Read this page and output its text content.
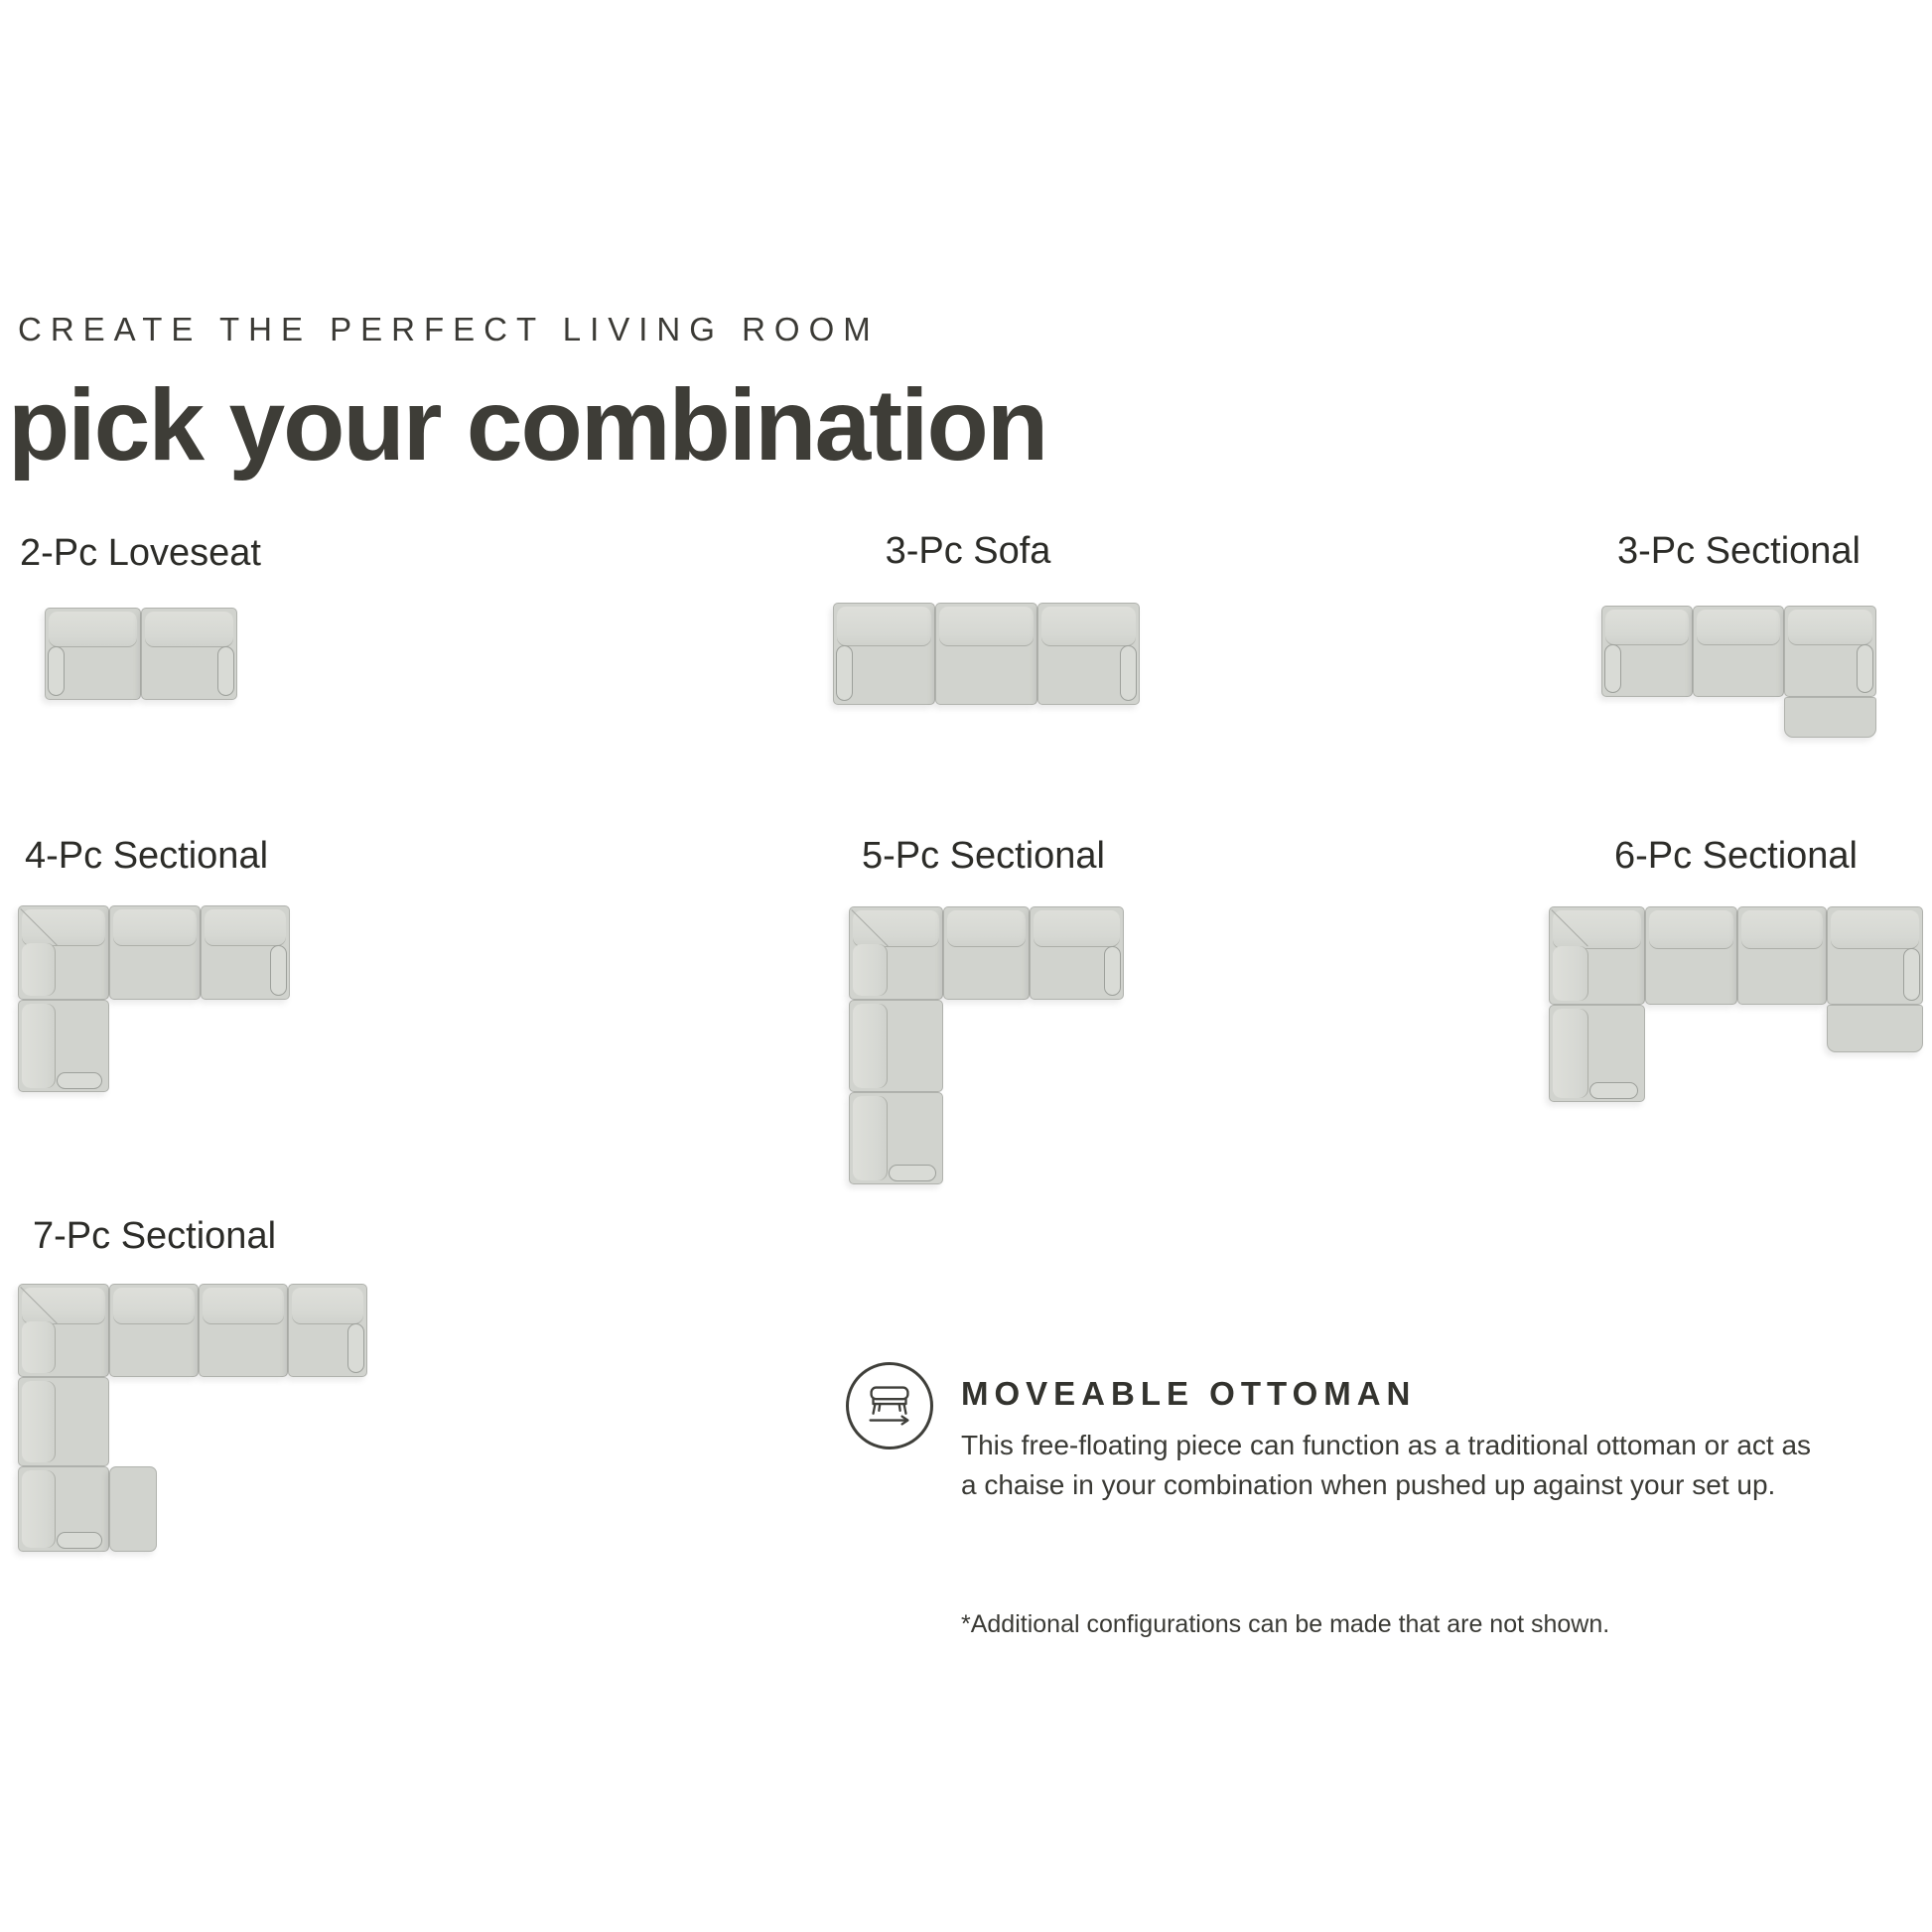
CREATE THE PERFECT LIVING ROOM
pick your combination
2-Pc Loveseat	3-Pc Sofa	3-Pc Sectional
4-Pc Sectional	5-Pc Sectional	6-Pc Sectional
7-Pc Sectional
MOVEABLE OTTOMAN
This free-floating piece can function as a traditional ottoman or act as
a chaise in your combination when pushed up against your set up.
*Additional configurations can be made that are not shown.
